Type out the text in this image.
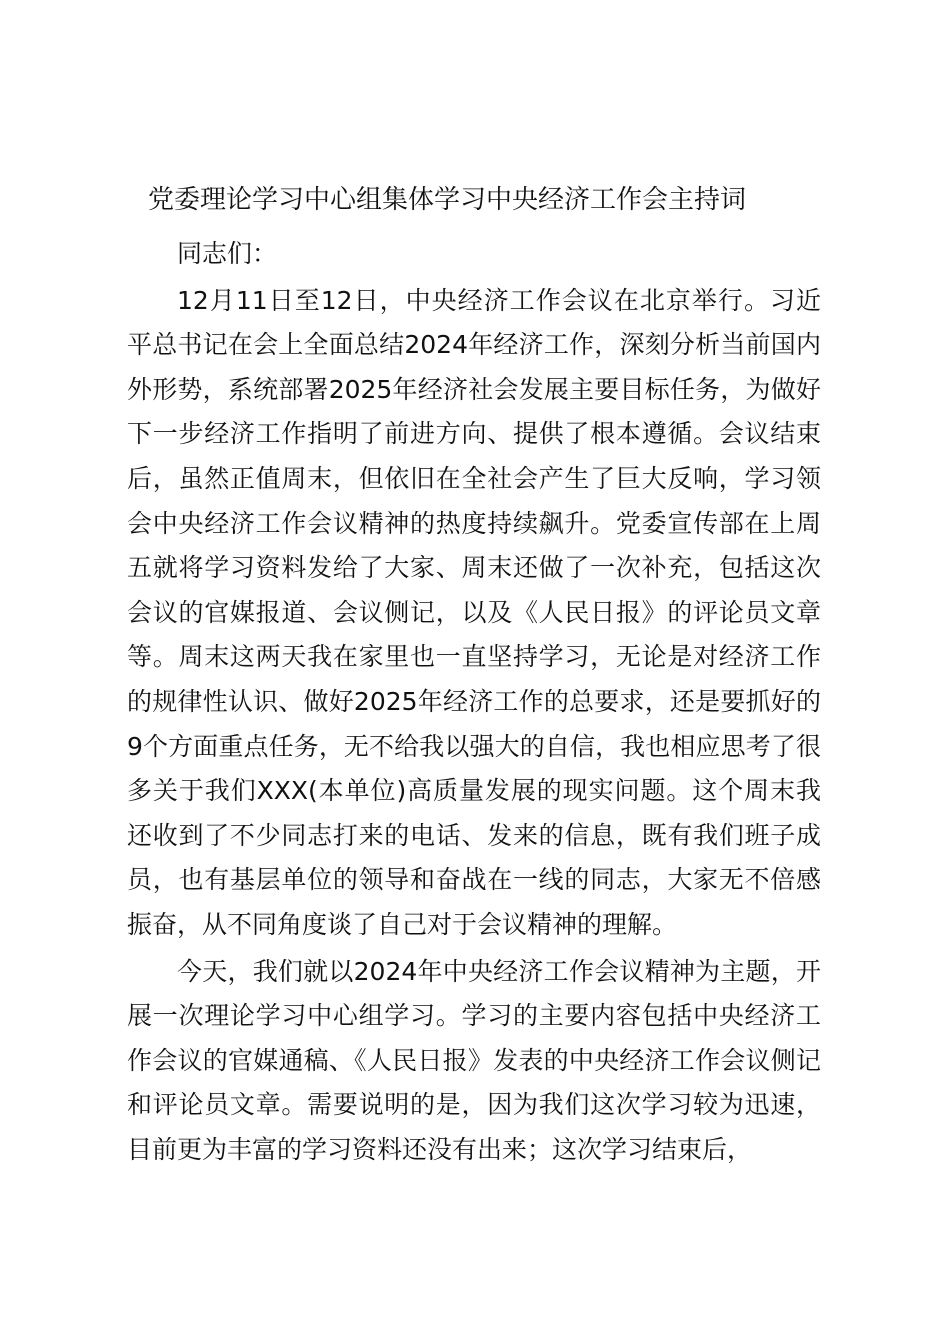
党委理论学习中心组集体学习中央经济工作会主持词

同志们：

12月11日至12日，中央经济工作会议在北京举行。习近平总书记在会上全面总结2024年经济工作，深刻分析当前国内外形势，系统部署2025年经济社会发展主要目标任务，为做好下一步经济工作指明了前进方向、提供了根本遵循。会议结束后，虽然正值周末，但依旧在全社会产生了巨大反响，学习领会中央经济工作会议精神的热度持续飙升。党委宣传部在上周五就将学习资料发给了大家、周末还做了一次补充，包括这次会议的官媒报道、会议侧记，以及《人民日报》的评论员文章等。周末这两天我在家里也一直坚持学习，无论是对经济工作的规律性认识、做好2025年经济工作的总要求，还是要抓好的9个方面重点任务，无不给我以强大的自信，我也相应思考了很多关于我们XXX(本单位)高质量发展的现实问题。这个周末我还收到了不少同志打来的电话、发来的信息，既有我们班子成员，也有基层单位的领导和奋战在一线的同志，大家无不倍感振奋，从不同角度谈了自己对于会议精神的理解。

今天，我们就以2024年中央经济工作会议精神为主题，开展一次理论学习中心组学习。学习的主要内容包括中央经济工作会议的官媒通稿、《人民日报》发表的中央经济工作会议侧记和评论员文章。需要说明的是，因为我们这次学习较为迅速，目前更为丰富的学习资料还没有出来；这次学习结束后，
